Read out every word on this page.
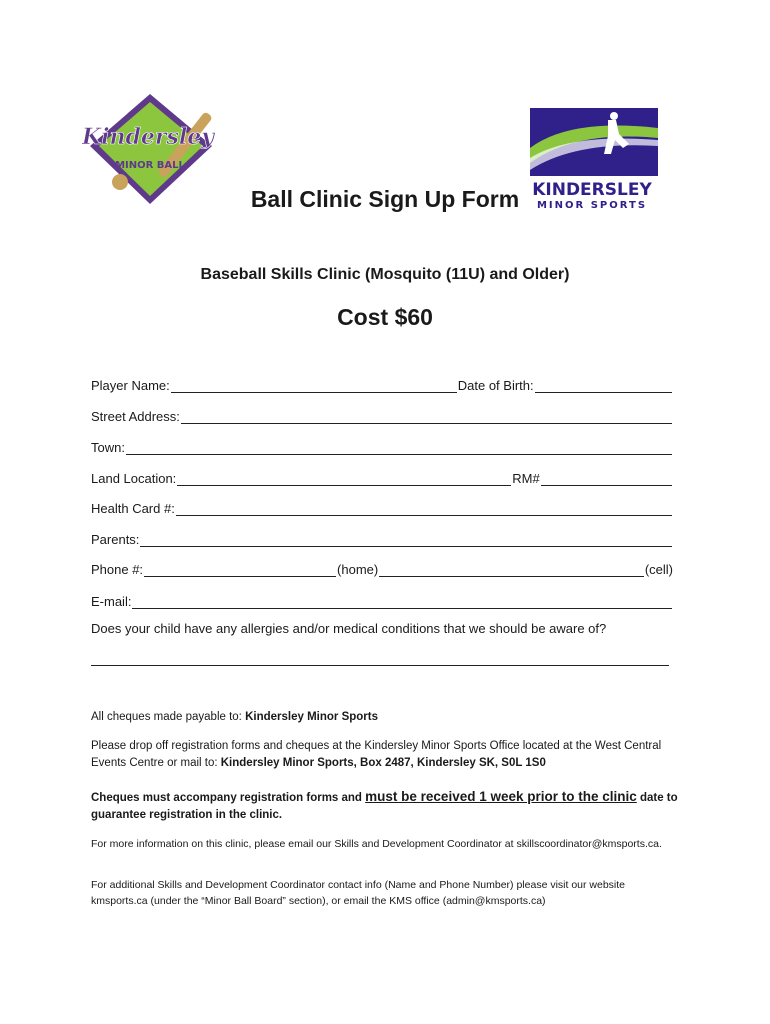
Kindersley
MINOR BALL
KINDERSLEY
MINOR SPORTS
Ball Clinic Sign Up Form
Baseball Skills Clinic (Mosquito (11U) and Older)
Cost $60
Player Name:	Date of Birth:
Street Address:
Town:
Land Location:	RM#
Health Card #:
Parents:
Phone #:	(home)	(cell)
E-mail:
Does your child have any allergies and/or medical conditions that we should be aware of?
All cheques made payable to: Kindersley Minor Sports
Please drop off registration forms and cheques at the Kindersley Minor Sports Office located at the West Central Events Centre or mail to: Kindersley Minor Sports, Box 2487, Kindersley SK, S0L 1S0
Cheques must accompany registration forms and must be received 1 week prior to the clinic date to guarantee registration in the clinic.
For more information on this clinic, please email our Skills and Development Coordinator at skillscoordinator@kmsports.ca.
For additional Skills and Development Coordinator contact info (Name and Phone Number) please visit our website kmsports.ca (under the “Minor Ball Board” section), or email the KMS office (admin@kmsports.ca)
